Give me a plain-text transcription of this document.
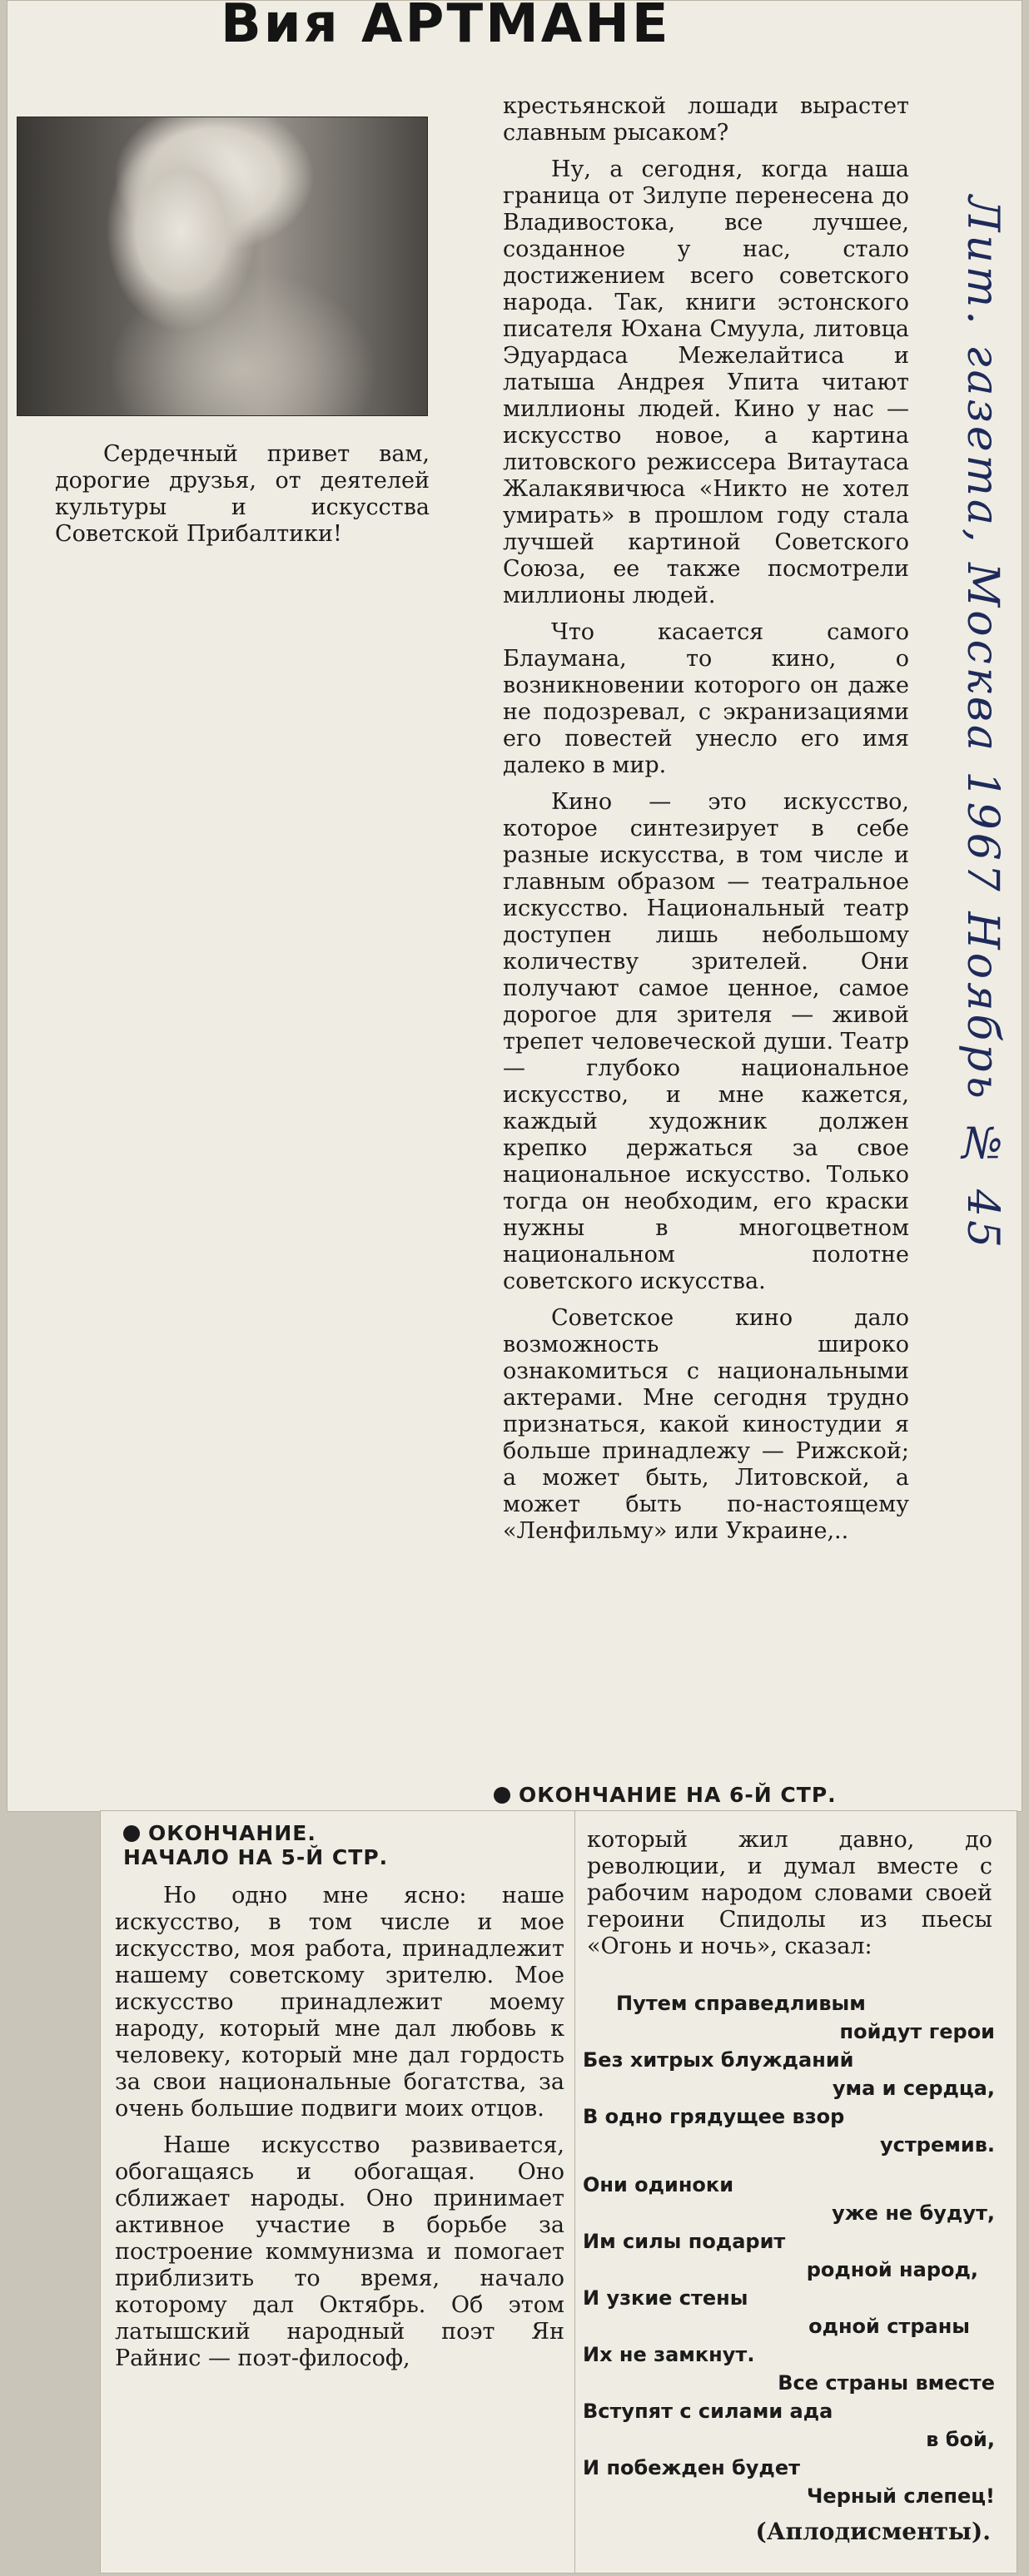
Вия АРТМАНЕ

Сердечный привет вам, дорогие друзья, от деятелей культуры и искусства Советской Прибалтики!

крестьянской лошади вырастет славным рысаком?

Ну, а сегодня, когда наша граница от Зилупе перенесена до Владивостока, все лучшее, созданное у нас, стало достижением всего советского народа. Так, книги эстонского писателя Юхана Смуула, литовца Эдуардаса Межелайтиса и латыша Андрея Упита читают миллионы людей. Кино у нас — искусство новое, а картина литовского режиссера Витаутаса Жалакявичюса «Никто не хотел умирать» в прошлом году стала лучшей картиной Советского Союза, ее также посмотрели миллионы людей.

Что касается самого Блаумана, то кино, о возникновении которого он даже не подозревал, с экранизациями его повестей унесло его имя далеко в мир.

Кино — это искусство, которое синтезирует в себе разные искусства, в том числе и главным образом — театральное искусство. Национальный театр доступен лишь небольшому количеству зрителей. Они получают самое ценное, самое дорогое для зрителя — живой трепет человеческой души. Театр — глубоко национальное искусство, и мне кажется, каждый художник должен крепко держаться за свое национальное искусство. Только тогда он необходим, его краски нужны в многоцветном национальном полотне советского искусства.

Советское кино дало возможность широко ознакомиться с национальными актерами. Мне сегодня трудно признаться, какой киностудии я больше принадлежу — Рижской; а может быть, Литовской, а может быть по-настоящему «Ленфильму» или Украине,..

ОКОНЧАНИЕ НА 6-Й СТР.
ОКОНЧАНИЕ.
НАЧАЛО НА 5-Й СТР.

Но одно мне ясно: наше искусство, в том числе и мое искусство, моя работа, принадлежит нашему советскому зрителю. Мое искусство принадлежит моему народу, который мне дал любовь к человеку, который мне дал гордость за свои национальные богатства, за очень большие подвиги моих отцов.

Наше искусство развивается, обогащаясь и обогащая. Оно сближает народы. Оно принимает активное участие в борьбе за построение коммунизма и помогает приблизить то время, начало которому дал Октябрь. Об этом латышский народный поэт Ян Райнис — поэт-философ,

который жил давно, до революции, и думал вместе с рабочим народом словами своей героини Спидолы из пьесы «Огонь и ночь», сказал:

Путем справедливым
пойдут герои
Без хитрых блужданий
ума и сердца,
В одно грядущее взор
устремив.
Они одиноки
уже не будут,
Им силы подарит
родной народ,
И узкие стены
одной страны
Их не замкнут.
Все страны вместе
Вступят с силами ада
в бой,
И побежден будет
Черный слепец!
(Аплодисменты).
Лит. газета, Москва 1967 Ноябрь № 45
